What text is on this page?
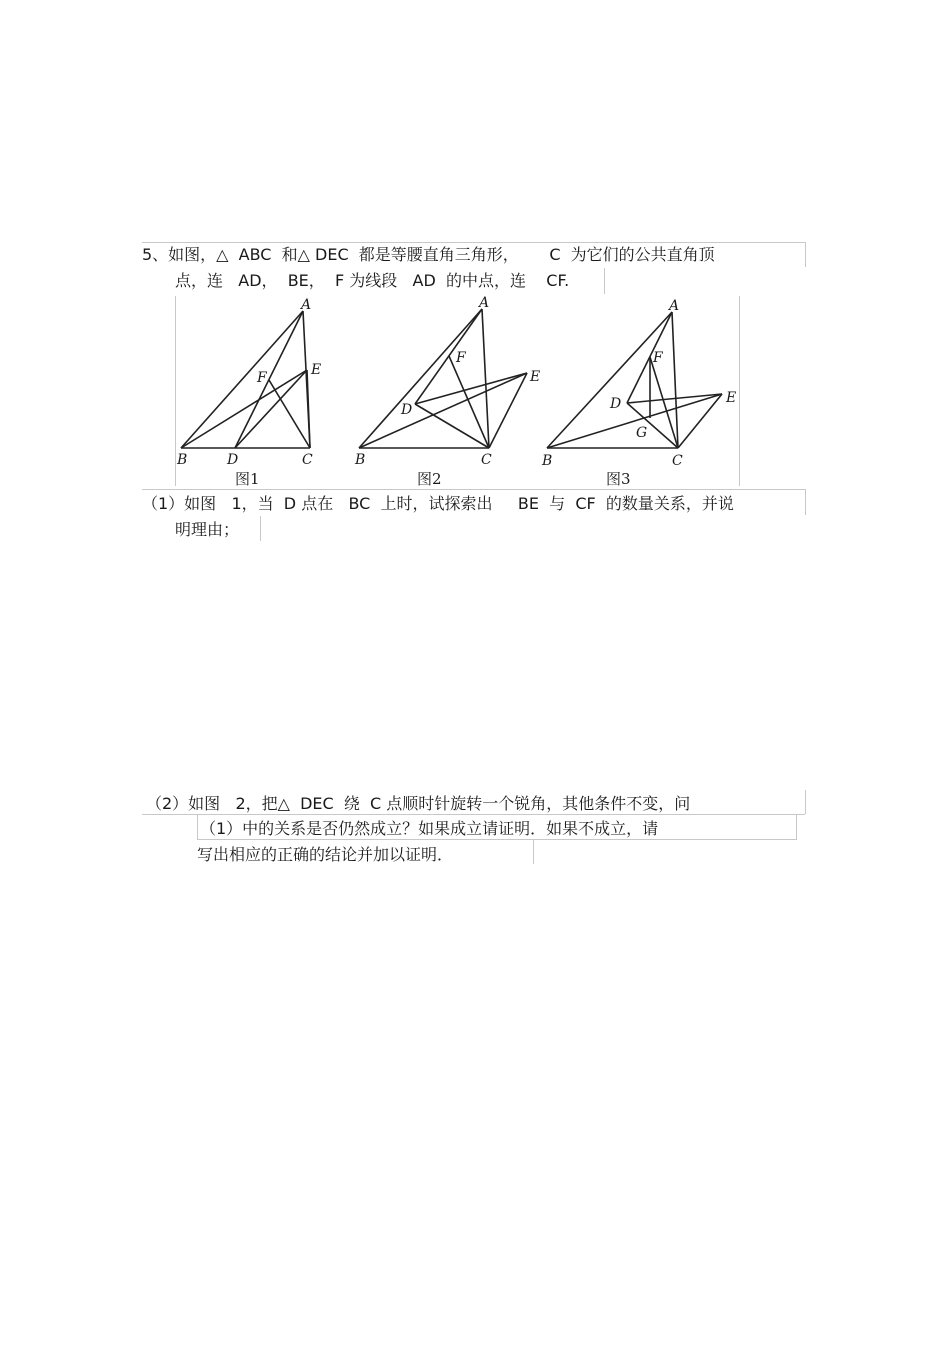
5、如图，△  ABC  和△ DEC  都是等腰直角三角形，      C  为它们的公共直角顶
点，连   AD，  BE，  F 为线段   AD  的中点，连    CF.
A
B	C
D
E
F
图1
A
B	C
D
E
F
图2
A
B	C
D	E
F
G
图3
（1）如图   1，当  D 点在   BC  上时，试探索出     BE  与  CF  的数量关系，并说
明理由；
（2）如图   2，把△  DEC  绕  C 点顺时针旋转一个锐角，其他条件不变，问
（1）中的关系是否仍然成立？如果成立请证明．如果不成立，请
写出相应的正确的结论并加以证明．
